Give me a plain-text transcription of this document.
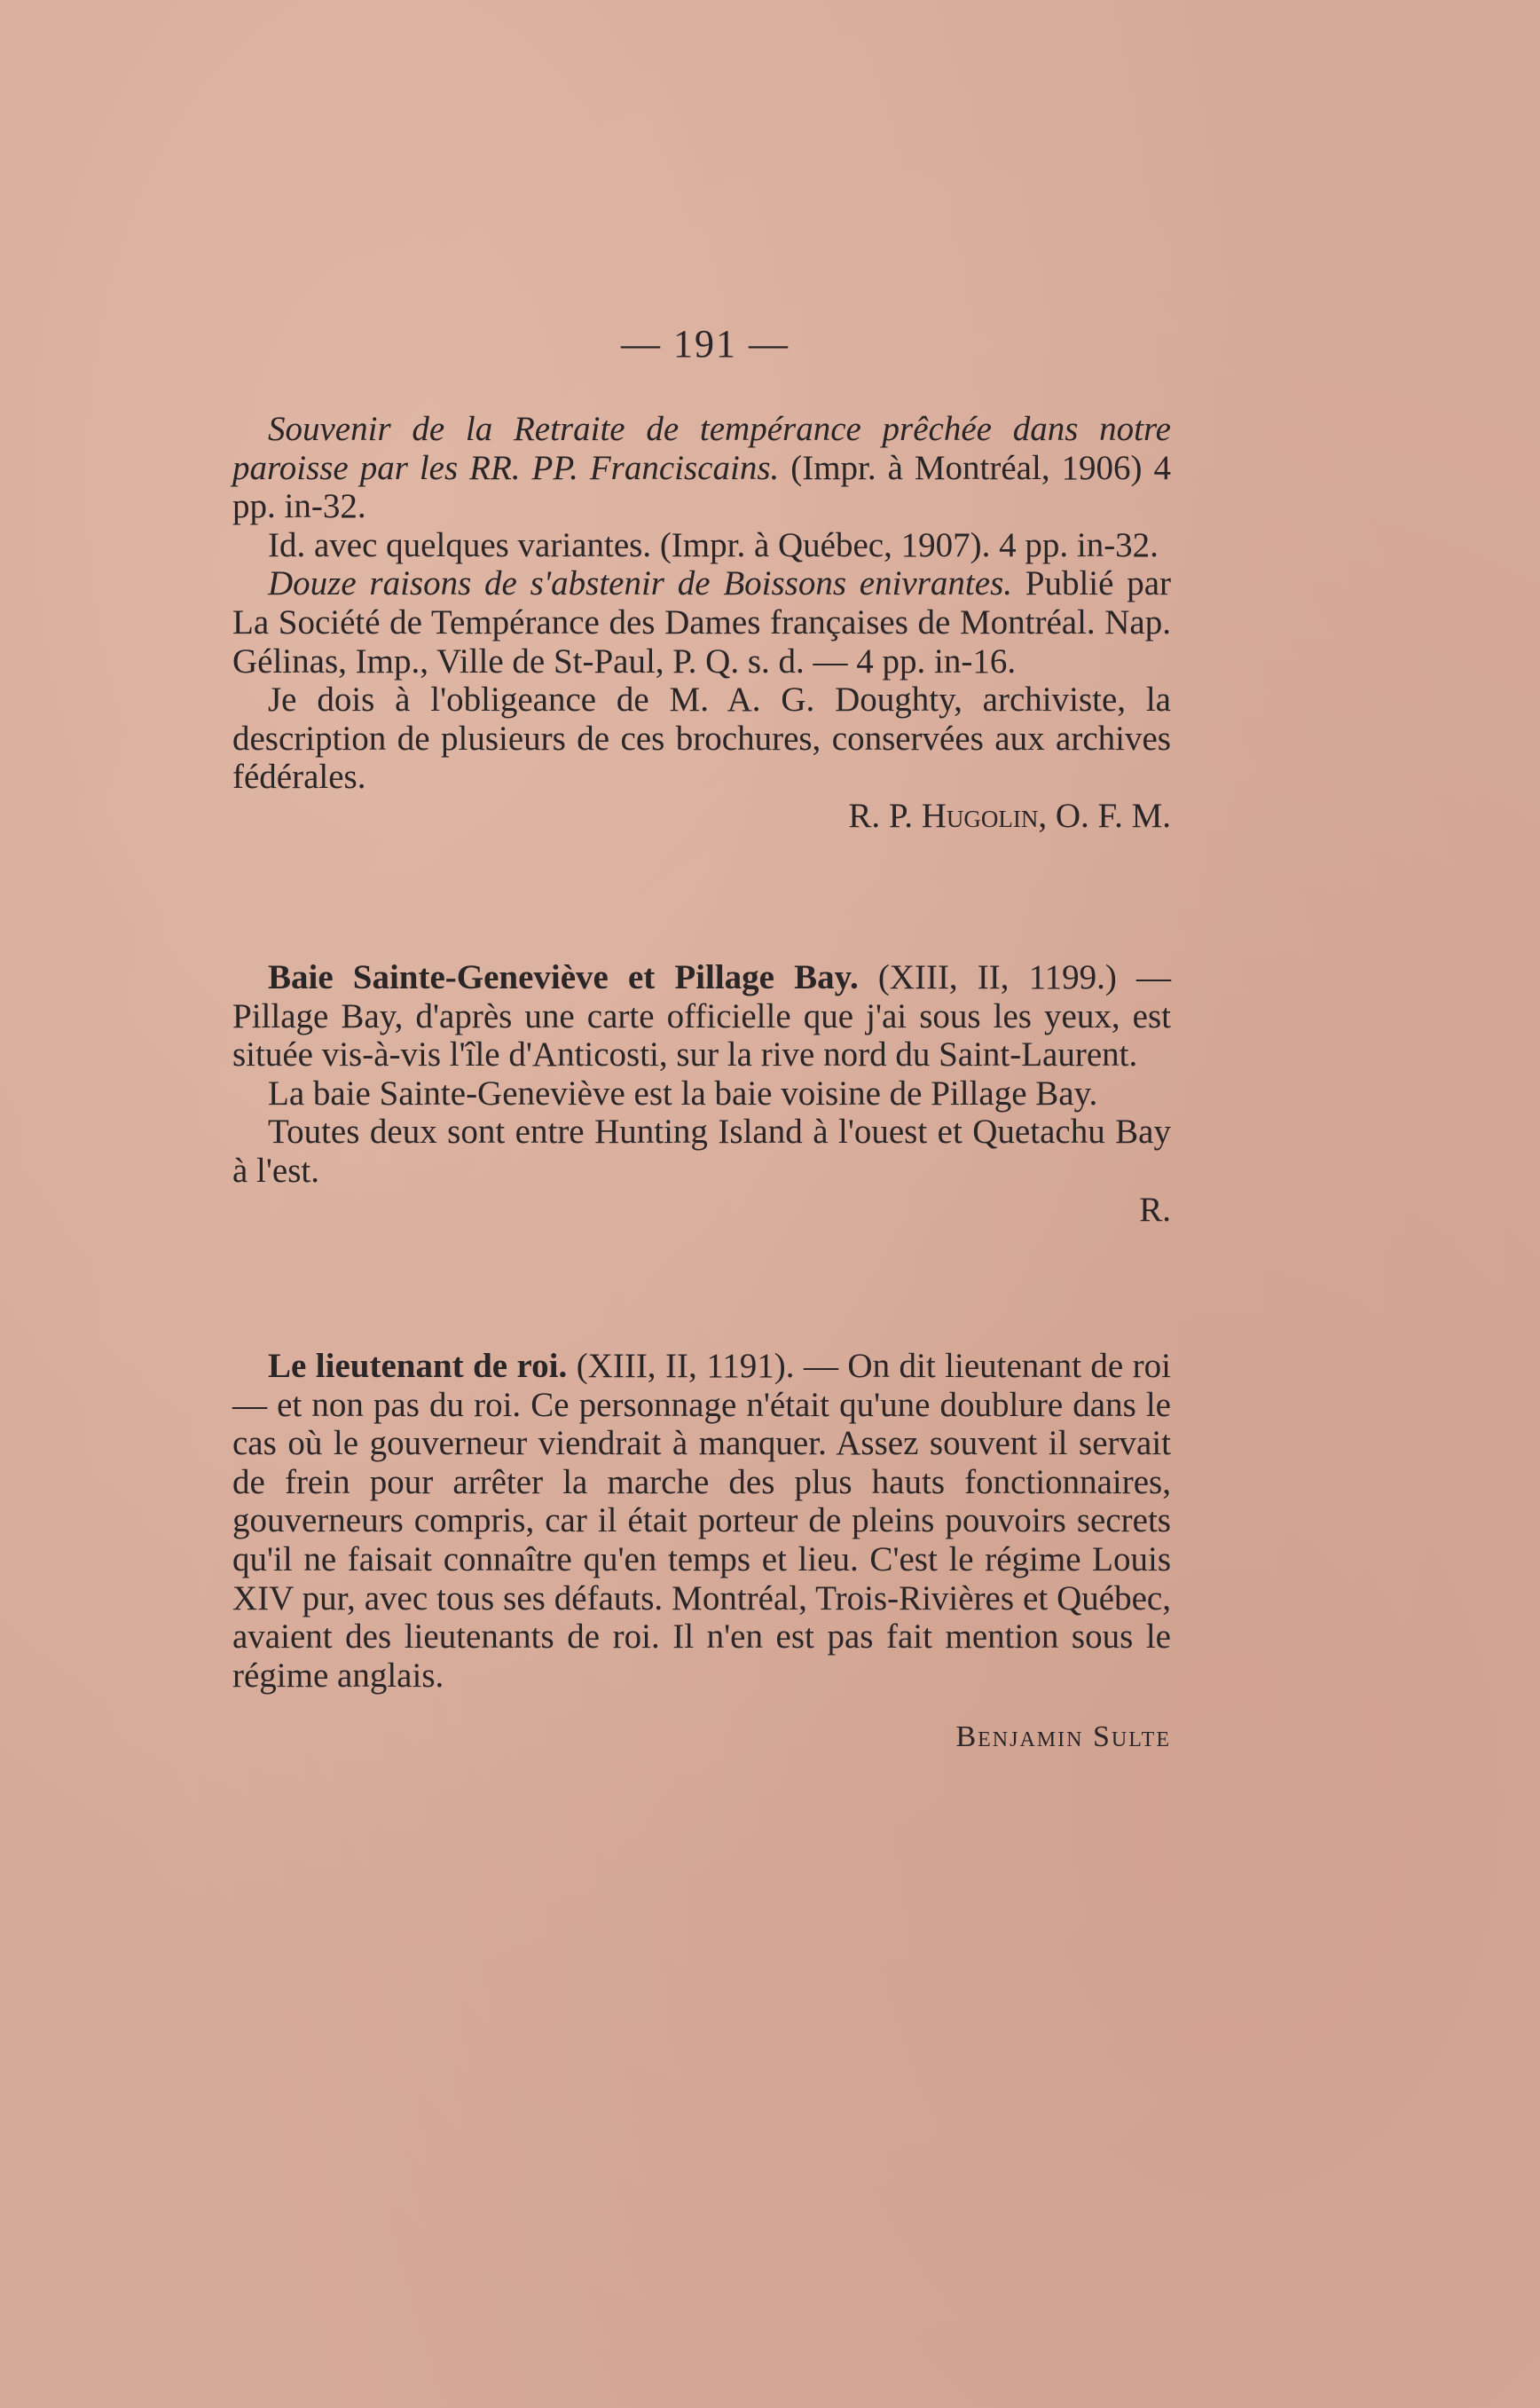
— 191 —

Souvenir de la Retraite de tempérance prêchée dans notre paroisse par les RR. PP. Franciscains. (Impr. à Montréal, 1906) 4 pp. in-32.

Id. avec quelques variantes. (Impr. à Québec, 1907). 4 pp. in-32.

Douze raisons de s'abstenir de Boissons enivrantes. Publié par La Société de Tempérance des Dames françaises de Montréal. Nap. Gélinas, Imp., Ville de St-Paul, P. Q. s. d. — 4 pp. in-16.

Je dois à l'obligeance de M. A. G. Doughty, archiviste, la description de plusieurs de ces brochures, conservées aux archives fédérales.

R. P. Hugolin, O. F. M.

Baie Sainte-Geneviève et Pillage Bay. (XIII, II, 1199.) — Pillage Bay, d'après une carte officielle que j'ai sous les yeux, est située vis-à-vis l'île d'Anticosti, sur la rive nord du Saint-Laurent.

La baie Sainte-Geneviève est la baie voisine de Pillage Bay.

Toutes deux sont entre Hunting Island à l'ouest et Quetachu Bay à l'est.

R.

Le lieutenant de roi. (XIII, II, 1191). — On dit lieutenant de roi — et non pas du roi. Ce personnage n'était qu'une doublure dans le cas où le gouverneur viendrait à manquer. Assez souvent il servait de frein pour arrêter la marche des plus hauts fonctionnaires, gouverneurs compris, car il était porteur de pleins pouvoirs secrets qu'il ne faisait connaître qu'en temps et lieu. C'est le régime Louis XIV pur, avec tous ses défauts. Montréal, Trois-Rivières et Québec, avaient des lieutenants de roi. Il n'en est pas fait mention sous le régime anglais.

Benjamin Sulte
